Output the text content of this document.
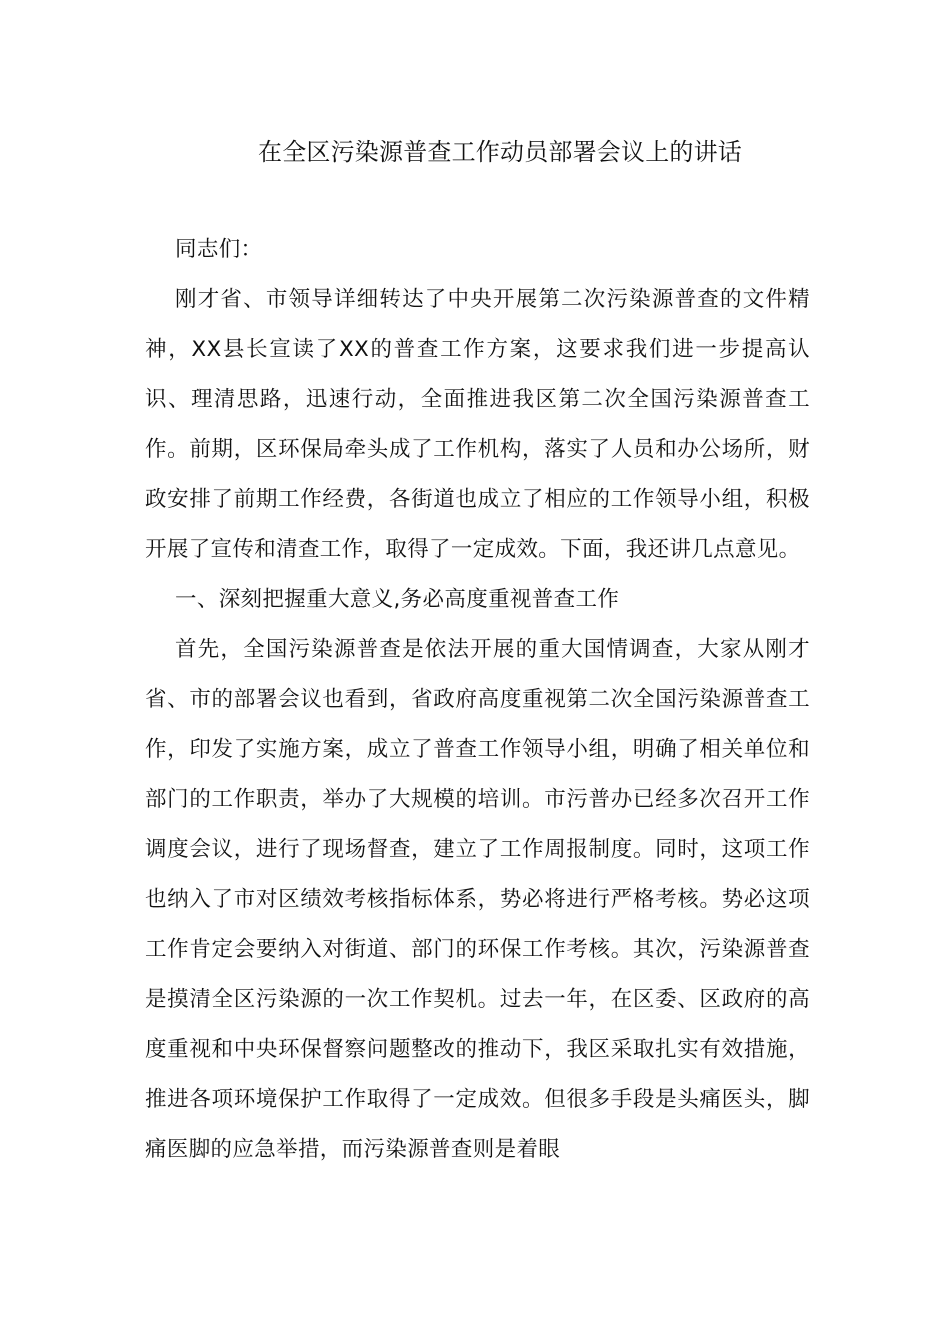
在全区污染源普查工作动员部署会议上的讲话

同志们：

刚才省、市领导详细转达了中央开展第二次污染源普查的文件精神，XX县长宣读了XX的普查工作方案，这要求我们进一步提高认识、理清思路，迅速行动，全面推进我区第二次全国污染源普查工作。前期，区环保局牵头成了工作机构，落实了人员和办公场所，财政安排了前期工作经费，各街道也成立了相应的工作领导小组，积极开展了宣传和清查工作，取得了一定成效。下面，我还讲几点意见。

一、深刻把握重大意义,务必高度重视普查工作

首先，全国污染源普查是依法开展的重大国情调查，大家从刚才省、市的部署会议也看到，省政府高度重视第二次全国污染源普查工作，印发了实施方案，成立了普查工作领导小组，明确了相关单位和部门的工作职责，举办了大规模的培训。市污普办已经多次召开工作调度会议，进行了现场督查，建立了工作周报制度。同时，这项工作也纳入了市对区绩效考核指标体系，势必将进行严格考核。势必这项工作肯定会要纳入对街道、部门的环保工作考核。其次，污染源普查是摸清全区污染源的一次工作契机。过去一年，在区委、区政府的高度重视和中央环保督察问题整改的推动下，我区采取扎实有效措施，推进各项环境保护工作取得了一定成效。但很多手段是头痛医头，脚痛医脚的应急举措，而污染源普查则是着眼
